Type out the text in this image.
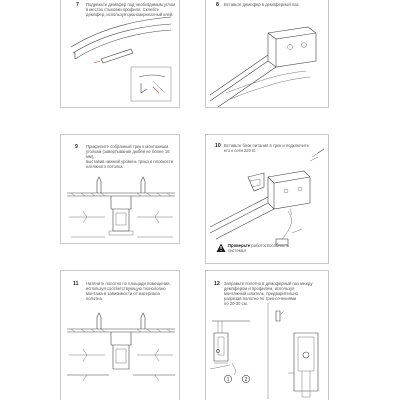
7 Подрежьте демпфер под необходимым углом
в местах стыковки профиля. Склейте
демпфер, используя цианоакрилатный клей.
8 Вставьте демпфер в демпферный паз.
9 Прикрепите собранный трек к монтажным
уголкам (завертывания дюбей не более 16 мм),
выставив нижний уровень трека в плоскости
натяжного потолка.
10 Вставьте блок питания в трек и подключите
его к сети 220 В.
Проверьте работоспособность
системы!
11 Натяните полотно по площади помещения,
используя соответствующую технологию
монтажа в зависимости от материала
полотна.
12 Заправьте полотно в демпферный паз между
демпфером и профилем, используя
монтажный шпатель, предварительно
разрезав полотно по трек-сечениями
по 20-30 см.
1	2
